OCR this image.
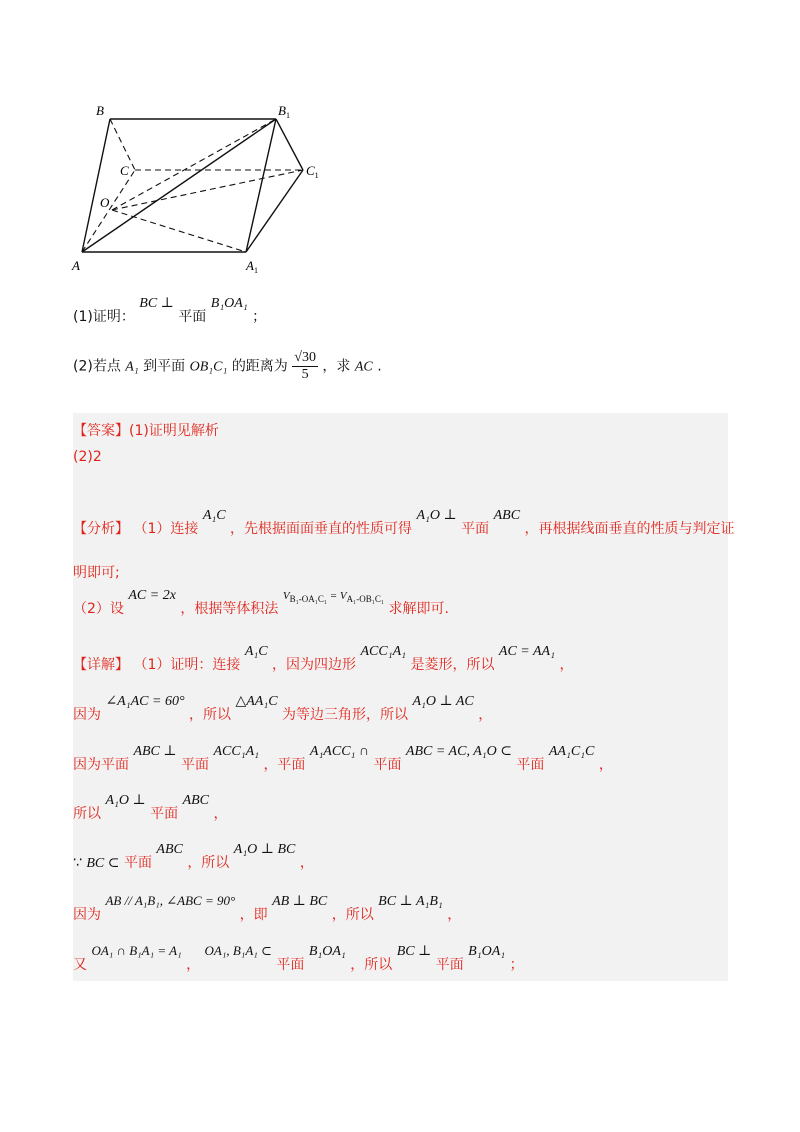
B	$B_1$
C	$C_1$
O
A	$A_1$
(1)证明： BC ⊥ 平面 B₁OA₁ ；
(2)若点 A₁ 到平面 OB₁C₁ 的距离为 $\frac{√30}{5}$ ，求 AC .
【答案】(1)证明见解析
(2)2
【分析】 （1）连接 A₁C ，先根据面面垂直的性质可得 A₁O ⊥ 平面 ABC ，再根据线面垂直的性质与判定证
明即可;
（2）设 AC = 2x ，根据等体积法 $^{V_{B_1-OA_1C_1} = V_{A_1-OB_1C_1}}$ 求解即可.
【详解】 （1）证明：连接 A₁C ，因为四边形 ACC₁A₁ 是菱形，所以 AC = AA₁ ，
因为 ∠A₁AC = 60° ，所以 △AA₁C 为等边三角形，所以 A₁O ⊥ AC ，
因为平面 ABC ⊥ 平面 ACC₁A₁ ，平面 A₁ACC₁ ∩ 平面 ABC = AC, A₁O ⊂ 平面 AA₁C₁C ，
所以 A₁O ⊥ 平面 ABC ，
∵ BC ⊂ 平面 ABC ，所以 A₁O ⊥ BC ，
因为 AB // A₁B₁, ∠ABC = 90° ，即 AB ⊥ BC ，所以 BC ⊥ A₁B₁ ，
又 OA₁ ∩ B₁A₁ = A₁ ， OA₁, B₁A₁ ⊂ 平面 B₁OA₁ ，所以 BC ⊥ 平面 B₁OA₁ ；
